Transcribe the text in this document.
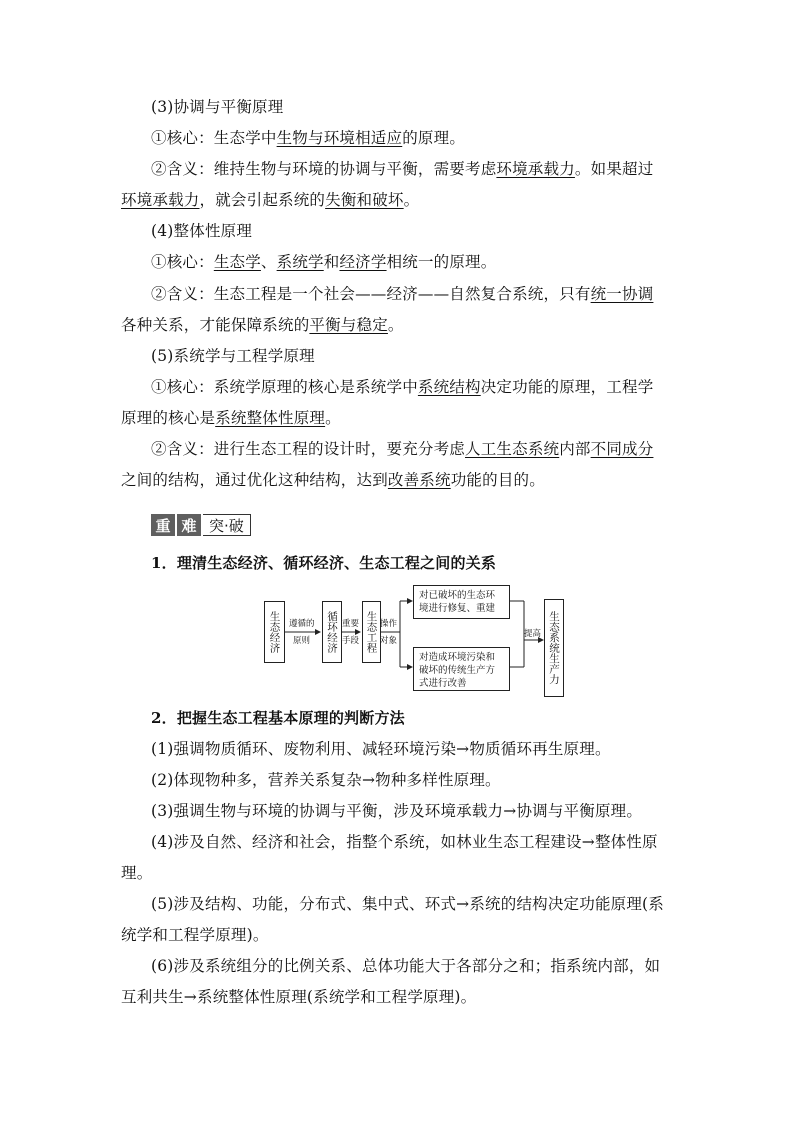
(3)协调与平衡原理
①核心：生态学中生物与环境相适应的原理。
②含义：维持生物与环境的协调与平衡，需要考虑环境承载力。如果超过
环境承载力，就会引起系统的失衡和破坏。
(4)整体性原理
①核心：生态学、系统学和经济学相统一的原理。
②含义：生态工程是一个社会——经济——自然复合系统，只有统一协调
各种关系，才能保障系统的平衡与稳定。
(5)系统学与工程学原理
①核心：系统学原理的核心是系统学中系统结构决定功能的原理，工程学
原理的核心是系统整体性原理。
②含义：进行生态工程的设计时，要充分考虑人工生态系统内部不同成分
之间的结构，通过优化这种结构，达到改善系统功能的目的。
重 难 突·破
1．理清生态经济、循环经济、生态工程之间的关系
生态经济	遵循的
原则	循环经济 重要
手段 生态工程 操作
对象
对已破坏的生态环
境进行修复、重建
对造成环境污染和
破坏的传统生产方
式进行改善
提高 生态系统生产力
2．把握生态工程基本原理的判断方法
(1)强调物质循环、废物利用、减轻环境污染→物质循环再生原理。
(2)体现物种多，营养关系复杂→物种多样性原理。
(3)强调生物与环境的协调与平衡，涉及环境承载力→协调与平衡原理。
(4)涉及自然、经济和社会，指整个系统，如林业生态工程建设→整体性原
理。
(5)涉及结构、功能，分布式、集中式、环式→系统的结构决定功能原理(系
统学和工程学原理)。
(6)涉及系统组分的比例关系、总体功能大于各部分之和；指系统内部，如
互利共生→系统整体性原理(系统学和工程学原理)。
